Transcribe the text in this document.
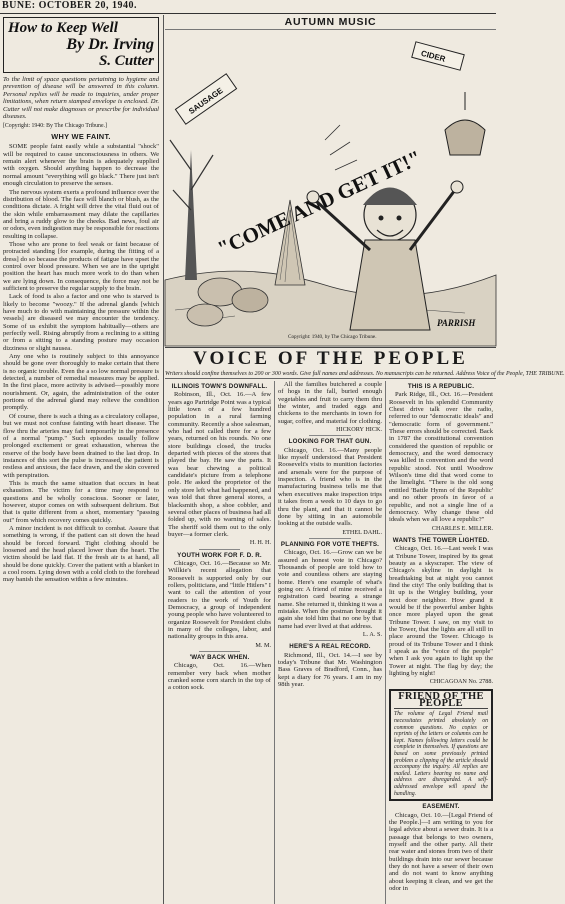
BUNE: OCTOBER 20, 1940.
How to Keep Well
By Dr. Irving
S. Cutter
To the limit of space questions pertaining to hygiene and prevention of disease will be answered in this column. Personal replies will be made to inquiries, under proper limitations, when return stamped envelope is enclosed. Dr. Cutter will not make diagnoses or prescribe for individual diseases.
[Copyright: 1940: By The Chicago Tribune.]
WHY WE FAINT.

SOME people faint easily while a substantial "shock" will be required to cause unconsciousness in others. We remain alert whenever the brain is adequately supplied with oxygen. Should anything happen to decrease the normal amount "everything will go black." There just isn't enough circulation to preserve the senses.

The nervous system exerts a profound influence over the distribution of blood. The face will blanch or blush, as the conditions dictate. A fright will drive the vital fluid out of the skin while embarrassment may dilate the capillaries and bring a ruddy glow to the cheeks. Bad news, foul air or odors, even indigestion may be responsible for reactions resulting in collapse.

Those who are prone to feel weak or faint because of protracted standing [for example, during the fitting of a dress] do so because the products of fatigue have upset the control over blood pressure. When we are in the upright position the heart has much more work to do than when we are lying down. In consequence, the force may not be sufficient to preserve the regular supply to the brain.

Lack of food is also a factor and one who is starved is likely to become "woozy." If the adrenal glands [which have much to do with maintaining the pressure within the vessels] are diseased we may encounter the tendency. Some of us exhibit the symptom habitually—others are perfectly well. Rising abruptly from a reclining to a sitting or from a sitting to a standing posture may occasion dizziness or slight nausea.

Any one who is routinely subject to this annoyance should be gone over thoroughly to make certain that there is no organic trouble. Even the a so low normal pressure is detected, a number of remedial measures may be applied. In the first place, more activity is advised—possibly more nourishment. Or, again, the administration of the outer portions of the adrenal gland may relieve the condition promptly.

Of course, there is such a thing as a circulatory collapse, but we must not confuse fainting with heart disease. The flow thru the arteries may fail temporarily in the presence of a normal "pump." Such episodes usually follow prolonged excitement or great exhaustion, whereas the reserve of the body have been drained to the last drop. In instances of this sort the pulse is increased, the patient is restless and anxious, the face drawn, and the skin covered with perspiration.

This is much the same situation that occurs in heat exhaustion. The victim for a time may respond to questions and be wholly conscious. Sooner or later, however, stupor comes on with subsequent delirium. But that is quite different from a short, momentary "passing out" from which recovery comes quickly.

A minor incident is not difficult to combat. Assure that something is wrong, if the patient can sit down the head should be forced forward. Tight clothing should be loosened and the head placed lower than the heart. The victim should be laid flat. If the fresh air is at hand, all should be done quickly. Cover the patient with a blanket in a cool room. Lying down with a cold cloth to the forehead may banish the sensation within a few minutes.

AUTUMN MUSIC
SAUSAGE
CIDER
"COME AND GET IT!"
PARRISH
Copyright: 1940, by The Chicago Tribune.
VOICE OF THE PEOPLE
Writers should confine themselves to 200 or 300 words. Give full names and addresses. No manuscripts can be returned. Address Voice of the People, THE TRIBUNE.
ILLINOIS TOWN'S DOWNFALL.

Robinson, Ill., Oct. 16.—A few years ago Partridge Point was a typical little town of a few hundred population in a rural farming community. Recently a shoe salesman, who had not called there for a few years, returned on his rounds. No one store buildings closed, the trucks departed with pieces of the stores that played the bay. He saw the parts. It was bear chewing a political candidate's picture from a telephone pole. He asked the proprietor of the only store left what had happened, and was told that three general stores, a blacksmith shop, a shoe cobbler, and several other places of business had all folded up, with no warning of sales. The sheriff sold them out to the only buyer—a former clerk.

H. H. H.
YOUTH WORK FOR F. D. R.

Chicago, Oct. 16.—Because so Mr. Willkie's recent allegation that Roosevelt is supported only by our rollers, politicians, and "little Hitlers" I want to call the attention of your readers to the work of Youth for Democracy, a group of independent young people who have volunteered to organize Roosevelt for President clubs in many of the colleges, labor, and nationality groups in this area.

M. M.
'WAY BACK WHEN.

Chicago, Oct. 16.—When remember very back when mother cranked some corn starch in the top of a cotton sock.

All the families butchered a couple of hogs in the fall, buried enough vegetables and fruit to carry them thru the winter, and traded eggs and chickens to the merchants in town for sugar, coffee, and material for clothing.

HICKORY HICK.
LOOKING FOR THAT GUN.

Chicago, Oct. 16.—Many people like myself understood that President Roosevelt's visits to munition factories and arsenals were for the purpose of inspection. A friend who is in the manufacturing business tells me that when executives make inspection trips it takes from a week to 10 days to go thru the plant, and that it cannot be done by sitting in an automobile looking at the outside walls.

ETHEL DAHL.
PLANNING FOR VOTE THEFTS.

Chicago, Oct. 16.—Grow can we be assured an honest vote in Chicago? Thousands of people are told how to vote and countless others are staying home. Here's one example of what's going on: A friend of mine received a registration card bearing a strange name. She returned it, thinking it was a mistake. When the postman brought it again she told him that no one by that name had ever lived at that address.

L. A. S.
HERE'S A REAL RECORD.

Richmond, Ill., Oct. 14.—I see by today's Tribune that Mr. Washington Bass Graves of Bradford, Conn., has kept a diary for 76 years. I am in my 98th year.

THIS IS A REPUBLIC.

Park Ridge, Ill., Oct. 16.—President Roosevelt in his splendid Community Chest drive talk over the radio, referred to our "democratic ideals" and "democratic form of government." These errors should be corrected. Back in 1787 the constitutional convention considered the question of republic or democracy, and the word democracy was killed in convention and the word republic stood. Not until Woodrow Wilson's time did that word come to the limelight. "There is the old song entitled 'Battle Hymn of the Republic' and no other proofs in favor of a republic, and not a single line of a democracy. Why change these old ideals when we all love a republic?"

CHARLES E. MILLER.
WANTS THE TOWER LIGHTED.

Chicago, Oct. 16.—Last week I was at Tribune Tower, inspired by its great beauty as a skyscraper. The view of Chicago's skyline in daylight is breathtaking but at night you cannot find the city! The only building that is lit up is the Wrigley building, your next door neighbor. How grand it would be if the powerful amber lights once more played upon the great Tribune Tower. I saw, on my visit to the Tower, that the lights are all still in place around the Tower. Chicago is proud of its Tribune Tower and I think I speak as the "voice of the people" when I ask you again to light up the Tower at night. The flag by day; the lighting by night!

CHICAGOAN No. 2788.
FRIEND OF THE PEOPLE
The volume of Legal Friend mail necessitates printed absolutely on common questions. No copies or reprints of the letters or columns can be kept. Names following letters could be complete in themselves. If questions are based on some previously printed problem a clipping of the article should accompany the inquiry. All replies are mailed. Letters bearing no name and address are disregarded. A self-addressed envelope will speed the handling.
EASEMENT.

Chicago, Oct. 10.—[Legal Friend of the People.]—I am writing to you for legal advice about a sewer drain. It is a passage that belongs to two owners, myself and the other party. All their rear water and stones from two of their buildings drain into our sewer because they do not have a sewer of their own and do not want to know anything about keeping it clean, and we get the odor in
